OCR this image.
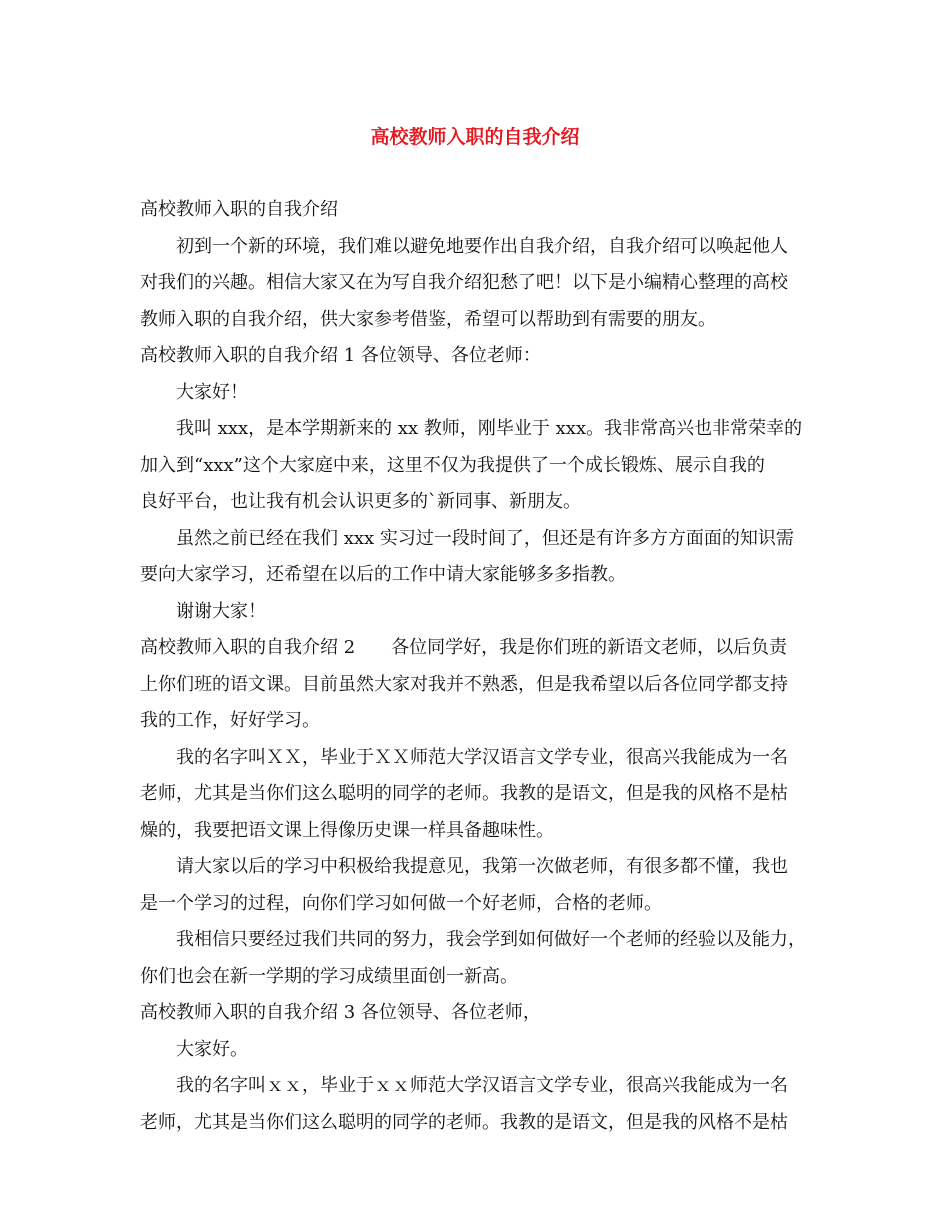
高校教师入职的自我介绍
高校教师入职的自我介绍
初到一个新的环境，我们难以避免地要作出自我介绍，自我介绍可以唤起他人
对我们的兴趣。相信大家又在为写自我介绍犯愁了吧！以下是小编精心整理的高校
教师入职的自我介绍，供大家参考借鉴，希望可以帮助到有需要的朋友。
高校教师入职的自我介绍 1 各位领导、各位老师：
大家好！
我叫 xxx，是本学期新来的 xx 教师，刚毕业于 xxx。我非常高兴也非常荣幸的
加入到“xxx”这个大家庭中来，这里不仅为我提供了一个成长锻炼、展示自我的
良好平台，也让我有机会认识更多的`新同事、新朋友。
虽然之前已经在我们 xxx 实习过一段时间了，但还是有许多方方面面的知识需
要向大家学习，还希望在以后的工作中请大家能够多多指教。
谢谢大家！
高校教师入职的自我介绍 2　　各位同学好，我是你们班的新语文老师，以后负责
上你们班的语文课。目前虽然大家对我并不熟悉，但是我希望以后各位同学都支持
我的工作，好好学习。
我的名字叫ＸＸ，毕业于ＸＸ师范大学汉语言文学专业，很高兴我能成为一名
老师，尤其是当你们这么聪明的同学的老师。我教的是语文，但是我的风格不是枯
燥的，我要把语文课上得像历史课一样具备趣味性。
请大家以后的学习中积极给我提意见，我第一次做老师，有很多都不懂，我也
是一个学习的过程，向你们学习如何做一个好老师，合格的老师。
我相信只要经过我们共同的努力，我会学到如何做好一个老师的经验以及能力，
你们也会在新一学期的学习成绩里面创一新高。
高校教师入职的自我介绍 3 各位领导、各位老师，
大家好。
我的名字叫ｘｘ，毕业于ｘｘ师范大学汉语言文学专业，很高兴我能成为一名
老师，尤其是当你们这么聪明的同学的老师。我教的是语文，但是我的风格不是枯
